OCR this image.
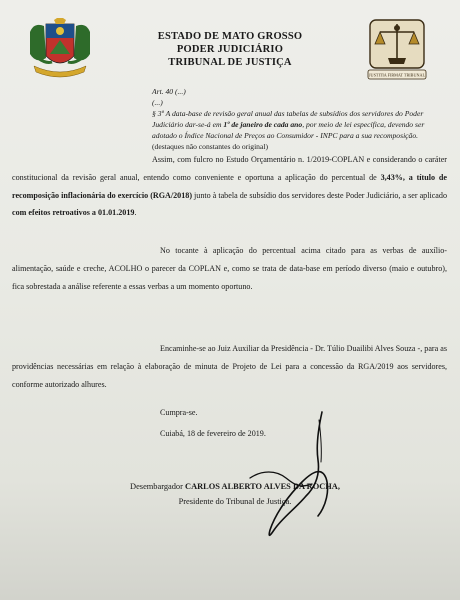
ESTADO DE MATO GROSSO
PODER JUDICIÁRIO
TRIBUNAL DE JUSTIÇA
JUSTITIA FIRMAT TRIBUNAL

Art. 40 (...)

(...)

§ 3º A data-base de revisão geral anual das tabelas de subsídios dos servidores do Poder Judiciário dar-se-á em 1º de janeiro de cada ano, por meio de lei específica, devendo ser adotado o Índice Nacional de Preços ao Consumidor - INPC para a sua recomposição.

(destaques não constantes do original)

Assim, com fulcro no Estudo Orçamentário n. 1/2019-COPLAN e considerando o caráter constitucional da revisão geral anual, entendo como conveniente e oportuna a aplicação do percentual de 3,43%, a título de recomposição inflacionária do exercício (RGA/2018) junto à tabela de subsídio dos servidores deste Poder Judiciário, a ser aplicado com efeitos retroativos a 01.01.2019.

No tocante à aplicação do percentual acima citado para as verbas de auxílio-alimentação, saúde e creche, ACOLHO o parecer da COPLAN e, como se trata de data-base em período diverso (maio e outubro), fica sobrestada a análise referente a essas verbas a um momento oportuno.

Encaminhe-se ao Juiz Auxiliar da Presidência - Dr. Túlio Duailibi Alves Souza -, para as providências necessárias em relação à elaboração de minuta de Projeto de Lei para a concessão da RGA/2019 aos servidores, conforme autorizado alhures.

Cumpra-se.

Cuiabá, 18 de fevereiro de 2019.

Desembargador CARLOS ALBERTO ALVES DA ROCHA,
Presidente do Tribunal de Justiça.
